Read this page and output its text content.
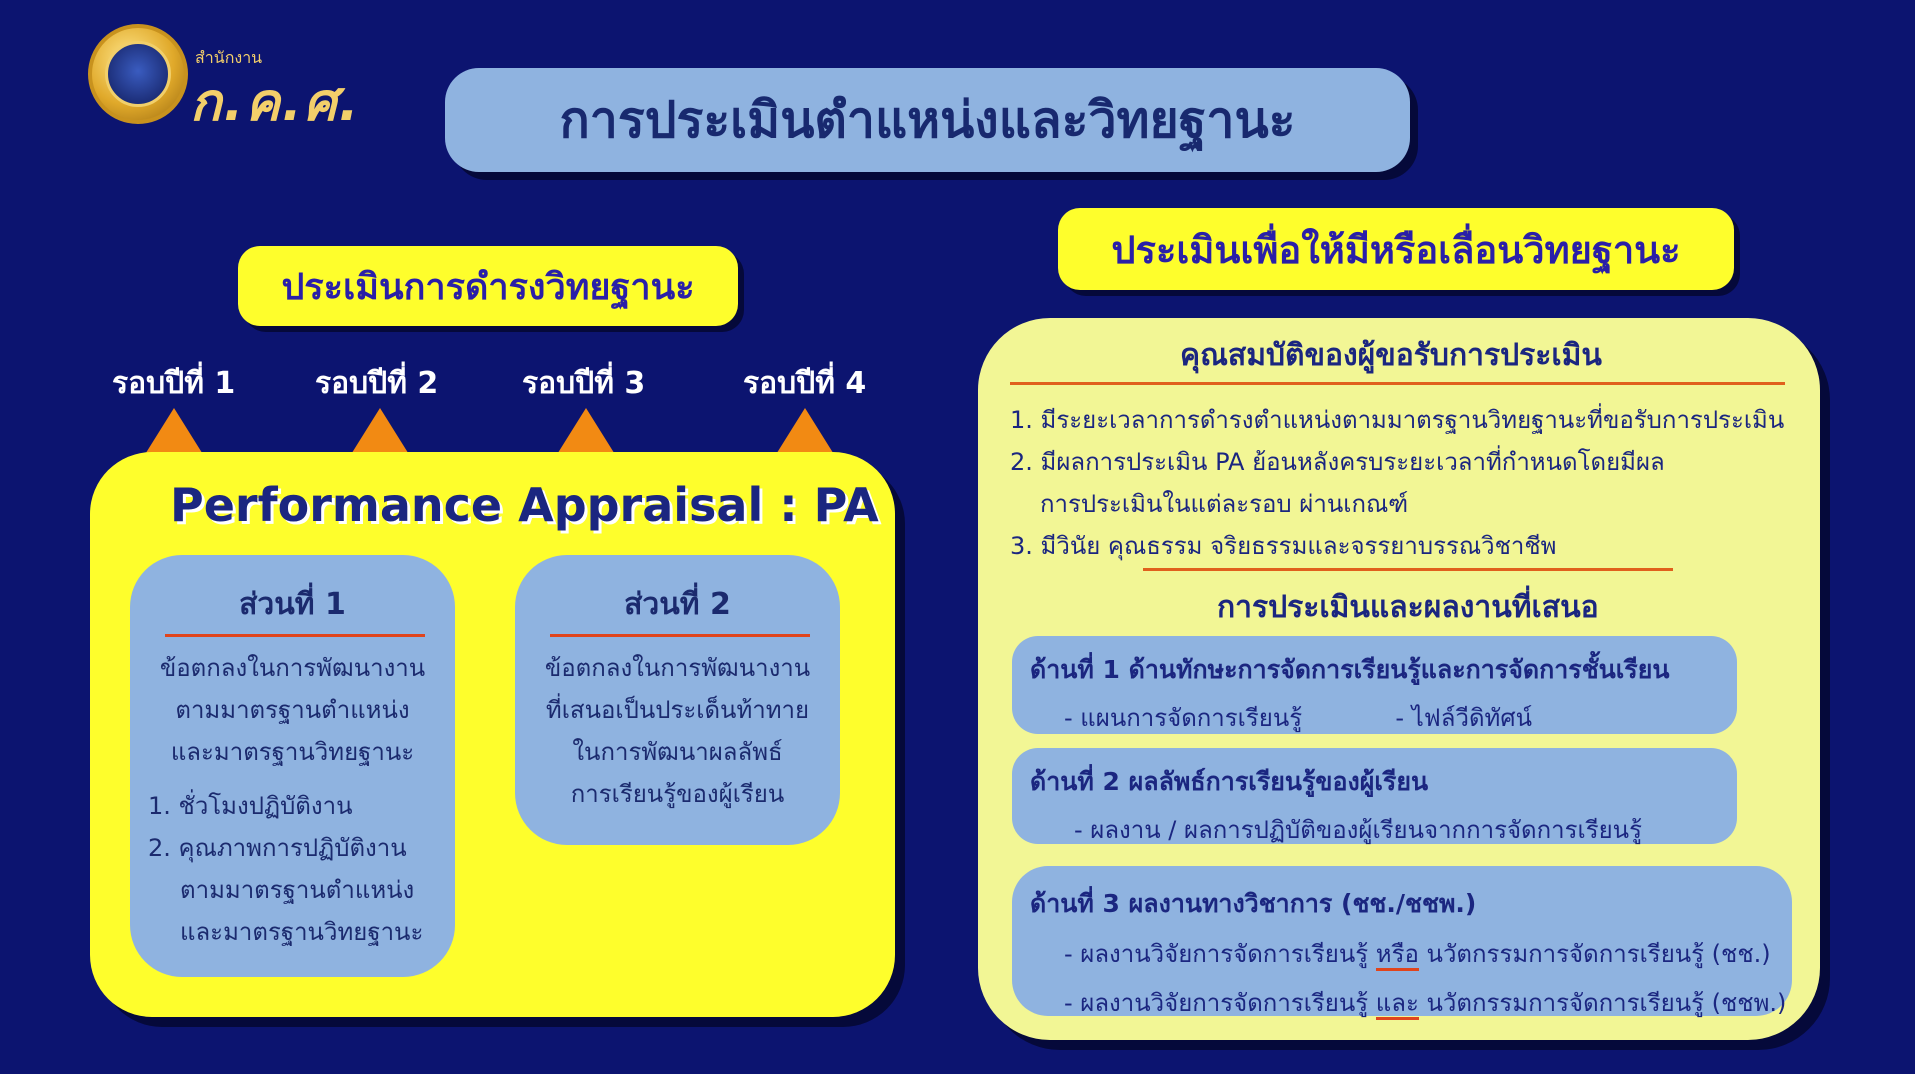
สำนักงาน
ก.ค.ศ.	การประเมินตำแหน่งและวิทยฐานะ
ประเมินการดำรงวิทยฐานะ
รอบปีที่ 1	รอบปีที่ 2	รอบปีที่ 3	รอบปีที่ 4
Performance Appraisal : PA
ส่วนที่ 1
ข้อตกลงในการพัฒนางาน
ตามมาตรฐานตำแหน่ง
และมาตรฐานวิทยฐานะ
1. ชั่วโมงปฏิบัติงาน
2. คุณภาพการปฏิบัติงาน
ตามมาตรฐานตำแหน่ง
และมาตรฐานวิทยฐานะ
ส่วนที่ 2
ข้อตกลงในการพัฒนางาน
ที่เสนอเป็นประเด็นท้าทาย
ในการพัฒนาผลลัพธ์
การเรียนรู้ของผู้เรียน
ประเมินเพื่อให้มีหรือเลื่อนวิทยฐานะ
คุณสมบัติของผู้ขอรับการประเมิน
1. มีระยะเวลาการดำรงตำแหน่งตามมาตรฐานวิทยฐานะที่ขอรับการประเมิน
2. มีผลการประเมิน PA ย้อนหลังครบระยะเวลาที่กำหนดโดยมีผล
การประเมินในแต่ละรอบ ผ่านเกณฑ์
3. มีวินัย คุณธรรม จริยธรรมและจรรยาบรรณวิชาชีพ
การประเมินและผลงานที่เสนอ
ด้านที่ 1 ด้านทักษะการจัดการเรียนรู้และการจัดการชั้นเรียน
- แผนการจัดการเรียนรู้	- ไฟล์วีดิทัศน์
ด้านที่ 2 ผลลัพธ์การเรียนรู้ของผู้เรียน
- ผลงาน / ผลการปฏิบัติของผู้เรียนจากการจัดการเรียนรู้
ด้านที่ 3 ผลงานทางวิชาการ (ชช./ชชพ.)
- ผลงานวิจัยการจัดการเรียนรู้ หรือ นวัตกรรมการจัดการเรียนรู้ (ชช.)
- ผลงานวิจัยการจัดการเรียนรู้ และ นวัตกรรมการจัดการเรียนรู้ (ชชพ.)
